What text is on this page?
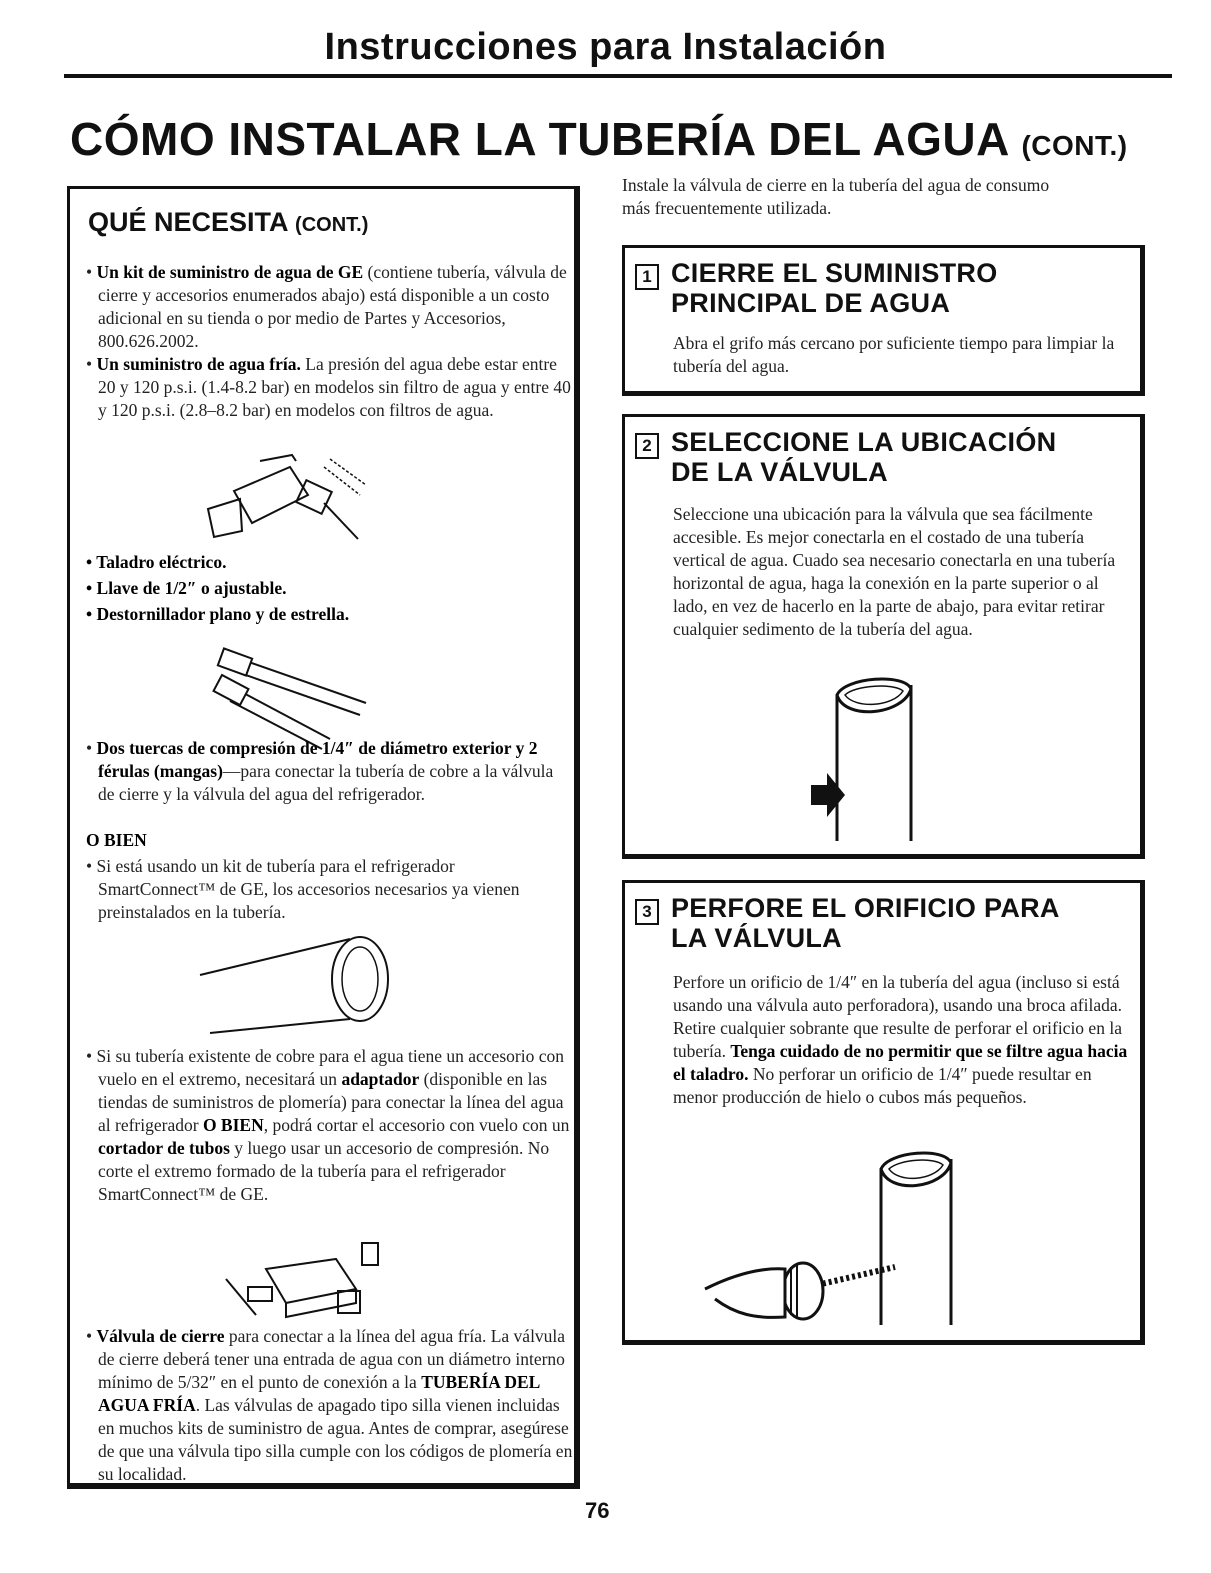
Instrucciones para Instalación
CÓMO INSTALAR LA TUBERÍA DEL AGUA (CONT.)
QUÉ NECESITA (CONT.)
• Un kit de suministro de agua de GE (contiene tubería, válvula de cierre y accesorios enumerados abajo) está disponible a un costo adicional en su tienda o por medio de Partes y Accesorios, 800.626.2002.
• Un suministro de agua fría. La presión del agua debe estar entre 20 y 120 p.s.i. (1.4-8.2 bar) en modelos sin filtro de agua y entre 40 y 120 p.s.i. (2.8–8.2 bar) en modelos con filtros de agua.
• Taladro eléctrico.
• Llave de 1/2″ o ajustable.
• Destornillador plano y de estrella.
• Dos tuercas de compresión de 1/4″ de diámetro exterior y 2 férulas (mangas)—para conectar la tubería de cobre a la válvula de cierre y la válvula del agua del refrigerador.
O BIEN
• Si está usando un kit de tubería para el refrigerador SmartConnect™ de GE, los accesorios necesarios ya vienen preinstalados en la tubería.
• Si su tubería existente de cobre para el agua tiene un accesorio con vuelo en el extremo, necesitará un adaptador (disponible en las tiendas de suministros de plomería) para conectar la línea del agua al refrigerador O BIEN, podrá cortar el accesorio con vuelo con un cortador de tubos y luego usar un accesorio de compresión. No corte el extremo formado de la tubería para el refrigerador SmartConnect™ de GE.
• Válvula de cierre para conectar a la línea del agua fría. La válvula de cierre deberá tener una entrada de agua con un diámetro interno mínimo de 5/32″ en el punto de conexión a la TUBERÍA DEL AGUA FRÍA. Las válvulas de apagado tipo silla vienen incluidas en muchos kits de suministro de agua. Antes de comprar, asegúrese de que una válvula tipo silla cumple con los códigos de plomería en su localidad.
Instale la válvula de cierre en la tubería del agua de consumo más frecuentemente utilizada.
1 CIERRE EL SUMINISTRO
PRINCIPAL DE AGUA
Abra el grifo más cercano por suficiente tiempo para limpiar la tubería del agua.
2 SELECCIONE LA UBICACIÓN
DE LA VÁLVULA
Seleccione una ubicación para la válvula que sea fácilmente accesible. Es mejor conectarla en el costado de una tubería vertical de agua. Cuado sea necesario conectarla en una tubería horizontal de agua, haga la conexión en la parte superior o al lado, en vez de hacerlo en la parte de abajo, para evitar retirar cualquier sedimento de la tubería del agua.
3 PERFORE EL ORIFICIO PARA
LA VÁLVULA
Perfore un orificio de 1/4″ en la tubería del agua (incluso si está usando una válvula auto perforadora), usando una broca afilada. Retire cualquier sobrante que resulte de perforar el orificio en la tubería. Tenga cuidado de no permitir que se filtre agua hacia el taladro. No perforar un orificio de 1/4″ puede resultar en menor producción de hielo o cubos más pequeños.
76
